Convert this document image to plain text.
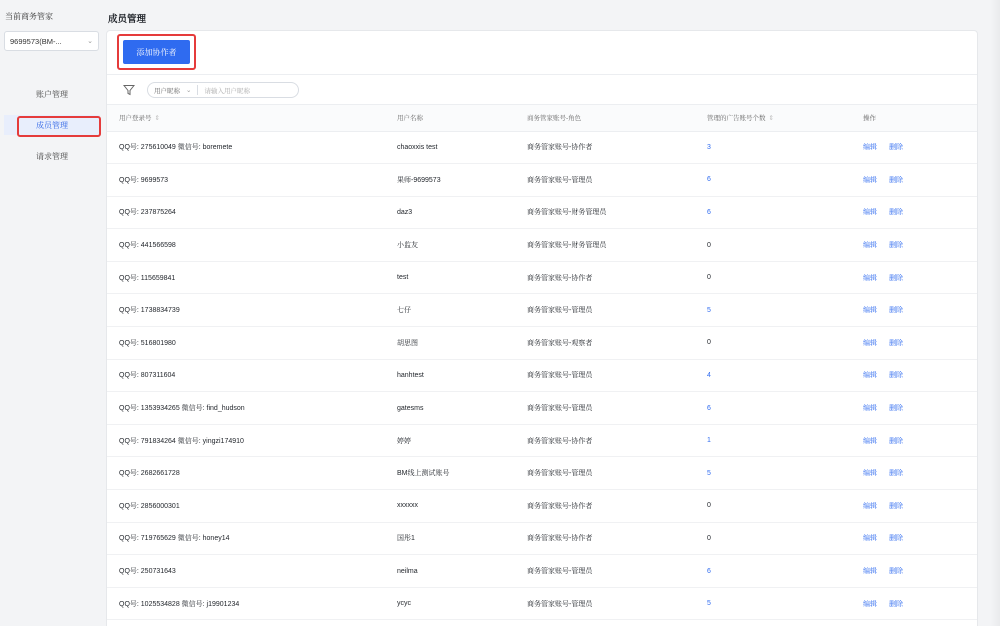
当前商务管家
9699573(BM-...	⌄
账户管理
成员管理
请求管理
成员管理
添加协作者
用户昵称 ⌄ 请输入用户昵称
用户登录号 ⇕	用户名称	商务管家账号-角色	管理的广告账号个数 ⇕	操作
QQ号: 275610049 微信号: boremete	chaoxxis test	商务管家账号-协作者	3	编辑 删除
QQ号: 9699573	果师-9699573	商务管家账号-管理员	6	编辑 删除
QQ号: 237875264	daz3	商务管家账号-财务管理员	6	编辑 删除
QQ号: 441566598	小监友	商务管家账号-财务管理员	0	编辑 删除
QQ号: 115659841	test	商务管家账号-协作者	0	编辑 删除
QQ号: 1738834739	七仔	商务管家账号-管理员	5	编辑 删除
QQ号: 516801980	胡思图	商务管家账号-观察者	0	编辑 删除
QQ号: 807311604	hanhtest	商务管家账号-管理员	4	编辑 删除
QQ号: 1353934265 微信号: find_hudson	gatesms	商务管家账号-管理员	6	编辑 删除
QQ号: 791834264 微信号: yingzi174910	婷婷	商务管家账号-协作者	1	编辑 删除
QQ号: 2682661728	BM线上测试账号	商务管家账号-管理员	5	编辑 删除
QQ号: 2856000301	xxxxxx	商务管家账号-协作者	0	编辑 删除
QQ号: 719765629 微信号: honey14	国彤1	商务管家账号-协作者	0	编辑 删除
QQ号: 250731643	neilma	商务管家账号-管理员	6	编辑 删除
QQ号: 1025534828 微信号: j19901234	ycyc	商务管家账号-管理员	5	编辑 删除
